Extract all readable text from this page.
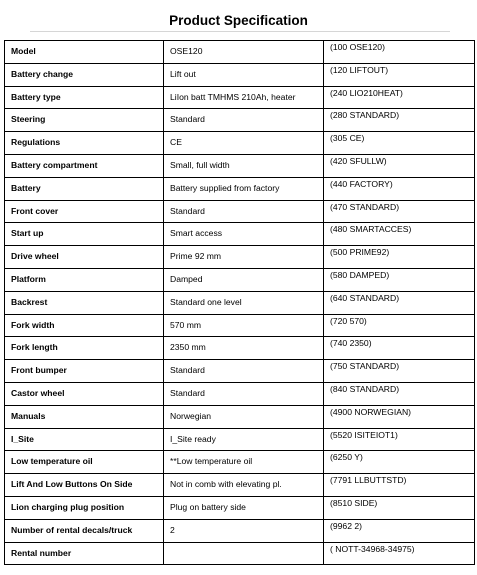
Product Specification
Model	OSE120	(100 OSE120)
Battery change	Lift out	(120 LIFTOUT)
Battery type	LiIon batt TMHMS 210Ah, heater	(240 LIO210HEAT)
Steering	Standard	(280 STANDARD)
Regulations	CE	(305 CE)
Battery compartment	Small, full width	(420 SFULLW)
Battery	Battery supplied from factory	(440 FACTORY)
Front cover	Standard	(470 STANDARD)
Start up	Smart access	(480 SMARTACCES)
Drive wheel	Prime 92 mm	(500 PRIME92)
Platform	Damped	(580 DAMPED)
Backrest	Standard one level	(640 STANDARD)
Fork width	570 mm	(720 570)
Fork length	2350 mm	(740 2350)
Front bumper	Standard	(750 STANDARD)
Castor wheel	Standard	(840 STANDARD)
Manuals	Norwegian	(4900 NORWEGIAN)
I_Site	I_Site ready	(5520 ISITEIOT1)
Low temperature oil	**Low temperature oil	(6250 Y)
Lift And Low Buttons On Side	Not in comb with elevating pl.	(7791 LLBUTTSTD)
Lion charging plug position	Plug on battery side	(8510 SIDE)
Number of rental decals/truck	2	(9962 2)
Rental number		( NOTT-34968-34975)
